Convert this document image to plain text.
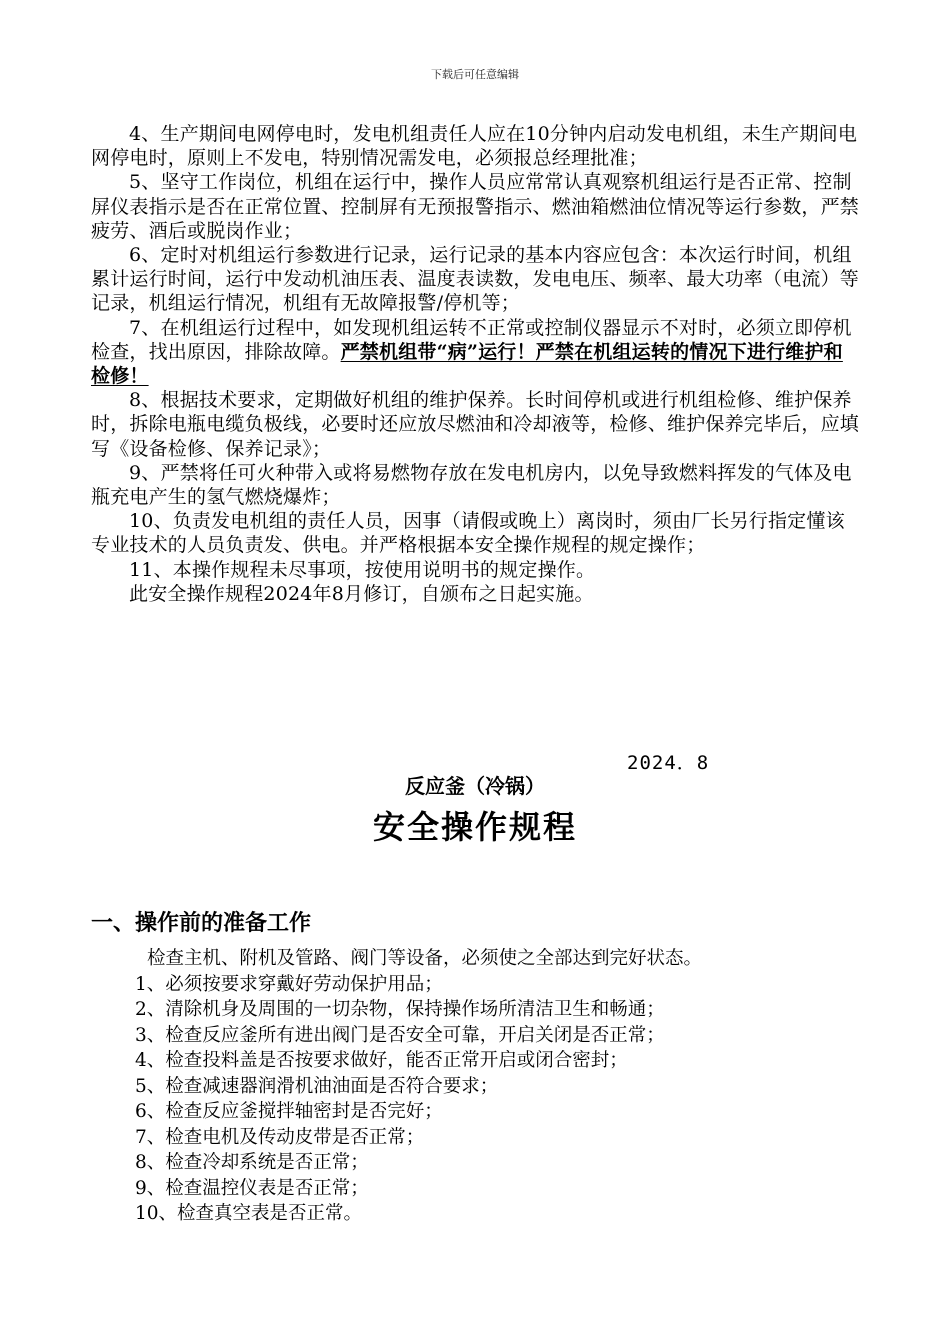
下载后可任意编辑

4、生产期间电网停电时，发电机组责任人应在10分钟内启动发电机组，未生产期间电网停电时，原则上不发电，特别情况需发电，必须报总经理批准；

5、坚守工作岗位，机组在运行中，操作人员应常常认真观察机组运行是否正常、控制屏仪表指示是否在正常位置、控制屏有无预报警指示、燃油箱燃油位情况等运行参数，严禁疲劳、酒后或脱岗作业；

6、定时对机组运行参数进行记录，运行记录的基本内容应包含：本次运行时间，机组累计运行时间，运行中发动机油压表、温度表读数，发电电压、频率、最大功率（电流）等记录，机组运行情况，机组有无故障报警/停机等；

7、在机组运行过程中，如发现机组运转不正常或控制仪器显示不对时，必须立即停机检查，找出原因，排除故障。严禁机组带“病”运行！严禁在机组运转的情况下进行维护和检修！

8、根据技术要求，定期做好机组的维护保养。长时间停机或进行机组检修、维护保养时，拆除电瓶电缆负极线，必要时还应放尽燃油和冷却液等，检修、维护保养完毕后，应填写《设备检修、保养记录》；

9、严禁将任可火种带入或将易燃物存放在发电机房内，以免导致燃料挥发的气体及电瓶充电产生的氢气燃烧爆炸；

10、负责发电机组的责任人员，因事（请假或晚上）离岗时，须由厂长另行指定懂该专业技术的人员负责发、供电。并严格根据本安全操作规程的规定操作；

11、本操作规程未尽事项，按使用说明书的规定操作。

此安全操作规程2024年8月修订，自颁布之日起实施。

2024．8
反应釜（冷锅）
安全操作规程
一、操作前的准备工作

检查主机、附机及管路、阀门等设备，必须使之全部达到完好状态。

1、必须按要求穿戴好劳动保护用品；

2、清除机身及周围的一切杂物，保持操作场所清洁卫生和畅通；

3、检查反应釜所有进出阀门是否安全可靠，开启关闭是否正常；

4、检查投料盖是否按要求做好，能否正常开启或闭合密封；

5、检查减速器润滑机油油面是否符合要求；

6、检查反应釜搅拌轴密封是否完好；

7、检查电机及传动皮带是否正常；

8、检查冷却系统是否正常；

9、检查温控仪表是否正常；

10、检查真空表是否正常。
